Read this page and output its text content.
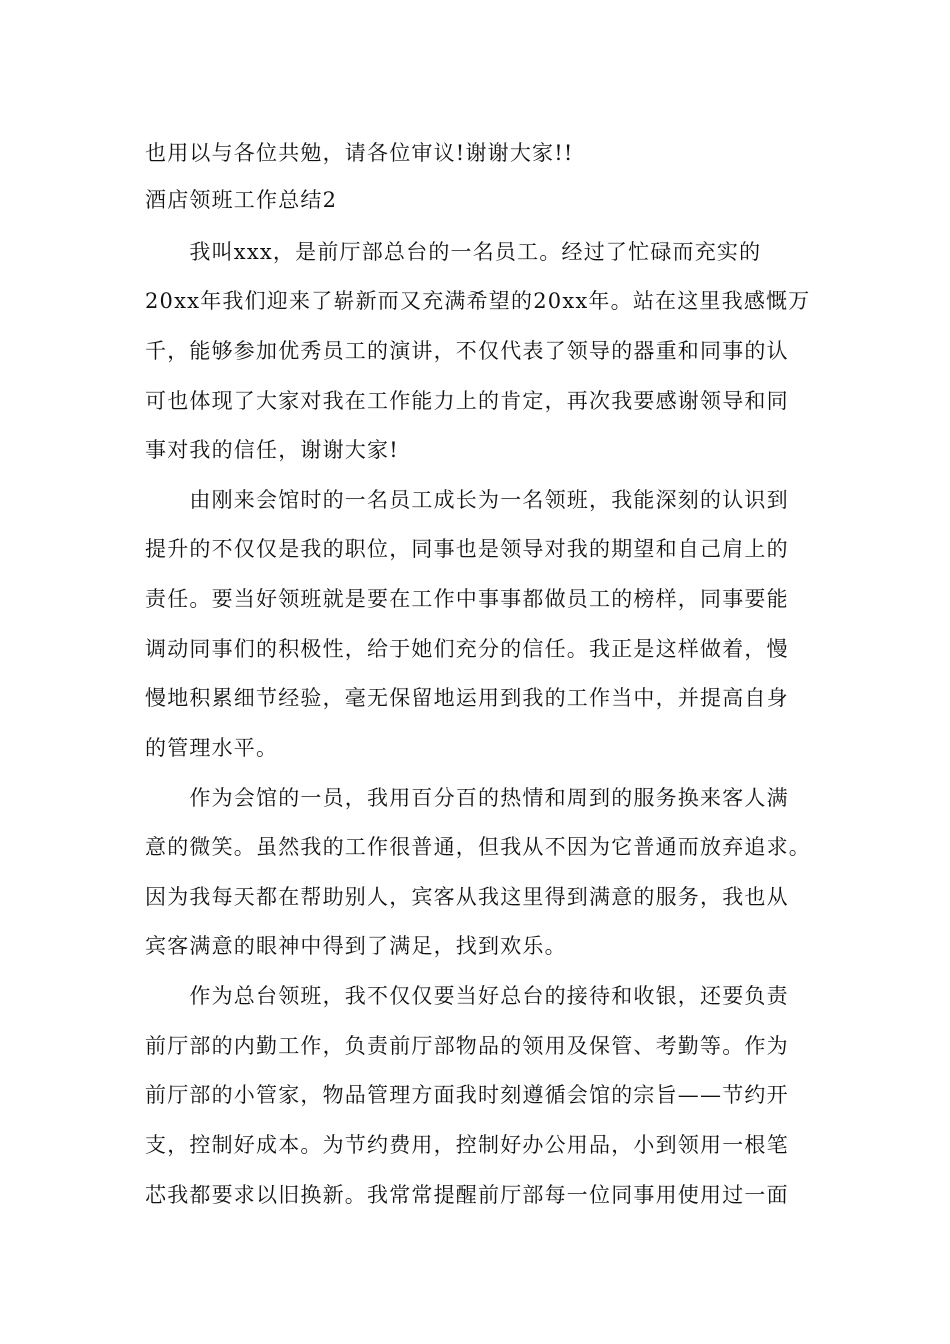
也用以与各位共勉，请各位审议!谢谢大家!!
酒店领班工作总结2
　　我叫xxx，是前厅部总台的一名员工。经过了忙碌而充实的
20xx年我们迎来了崭新而又充满希望的20xx年。站在这里我感慨万
千，能够参加优秀员工的演讲，不仅代表了领导的器重和同事的认
可也体现了大家对我在工作能力上的肯定，再次我要感谢领导和同
事对我的信任，谢谢大家!
　　由刚来会馆时的一名员工成长为一名领班，我能深刻的认识到
提升的不仅仅是我的职位，同事也是领导对我的期望和自己肩上的
责任。要当好领班就是要在工作中事事都做员工的榜样，同事要能
调动同事们的积极性，给于她们充分的信任。我正是这样做着，慢
慢地积累细节经验，毫无保留地运用到我的工作当中，并提高自身
的管理水平。
　　作为会馆的一员，我用百分百的热情和周到的服务换来客人满
意的微笑。虽然我的工作很普通，但我从不因为它普通而放弃追求。
因为我每天都在帮助别人，宾客从我这里得到满意的服务，我也从
宾客满意的眼神中得到了满足，找到欢乐。
　　作为总台领班，我不仅仅要当好总台的接待和收银，还要负责
前厅部的内勤工作，负责前厅部物品的领用及保管、考勤等。作为
前厅部的小管家，物品管理方面我时刻遵循会馆的宗旨——节约开
支，控制好成本。为节约费用，控制好办公用品，小到领用一根笔
芯我都要求以旧换新。我常常提醒前厅部每一位同事用使用过一面
